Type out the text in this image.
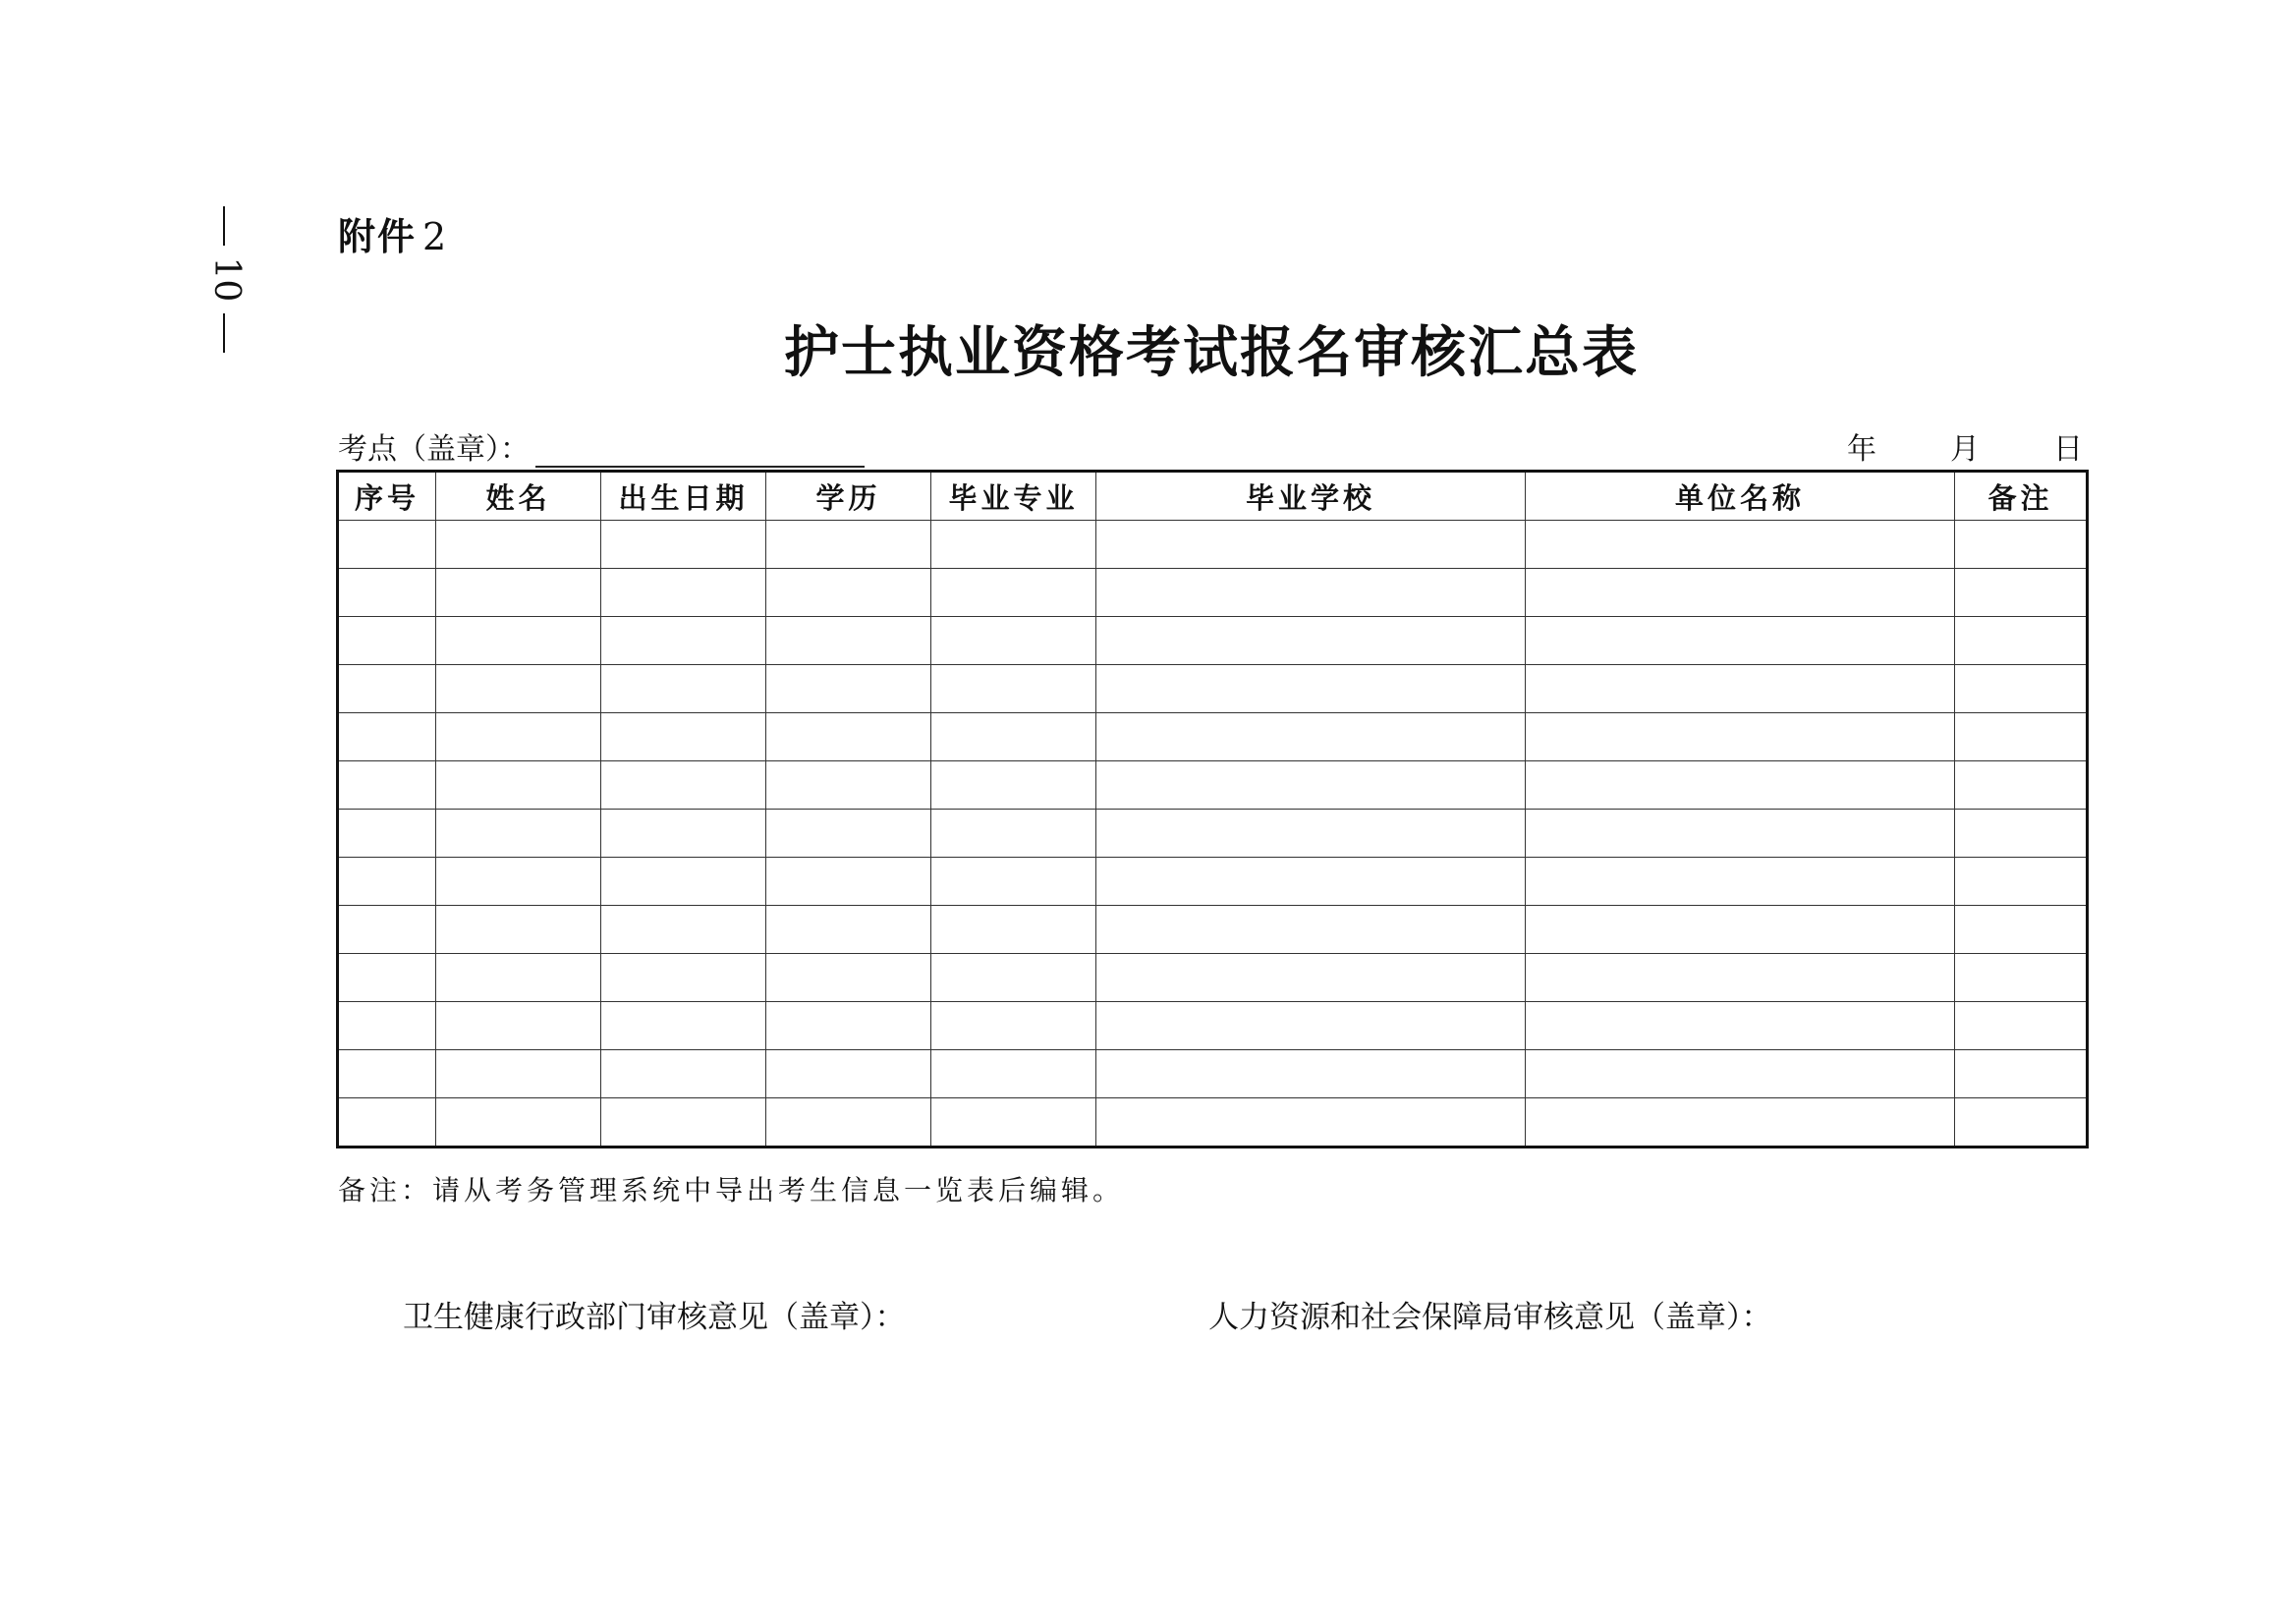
10
附件 2
护士执业资格考试报名审核汇总表
考点（盖章）：	年	月	日
序号	姓名	出生日期	学历	毕业专业	毕业学校	单位名称	备注

备注：请从考务管理系统中导出考生信息一览表后编辑。
卫生健康行政部门审核意见（盖章）：	人力资源和社会保障局审核意见（盖章）：
